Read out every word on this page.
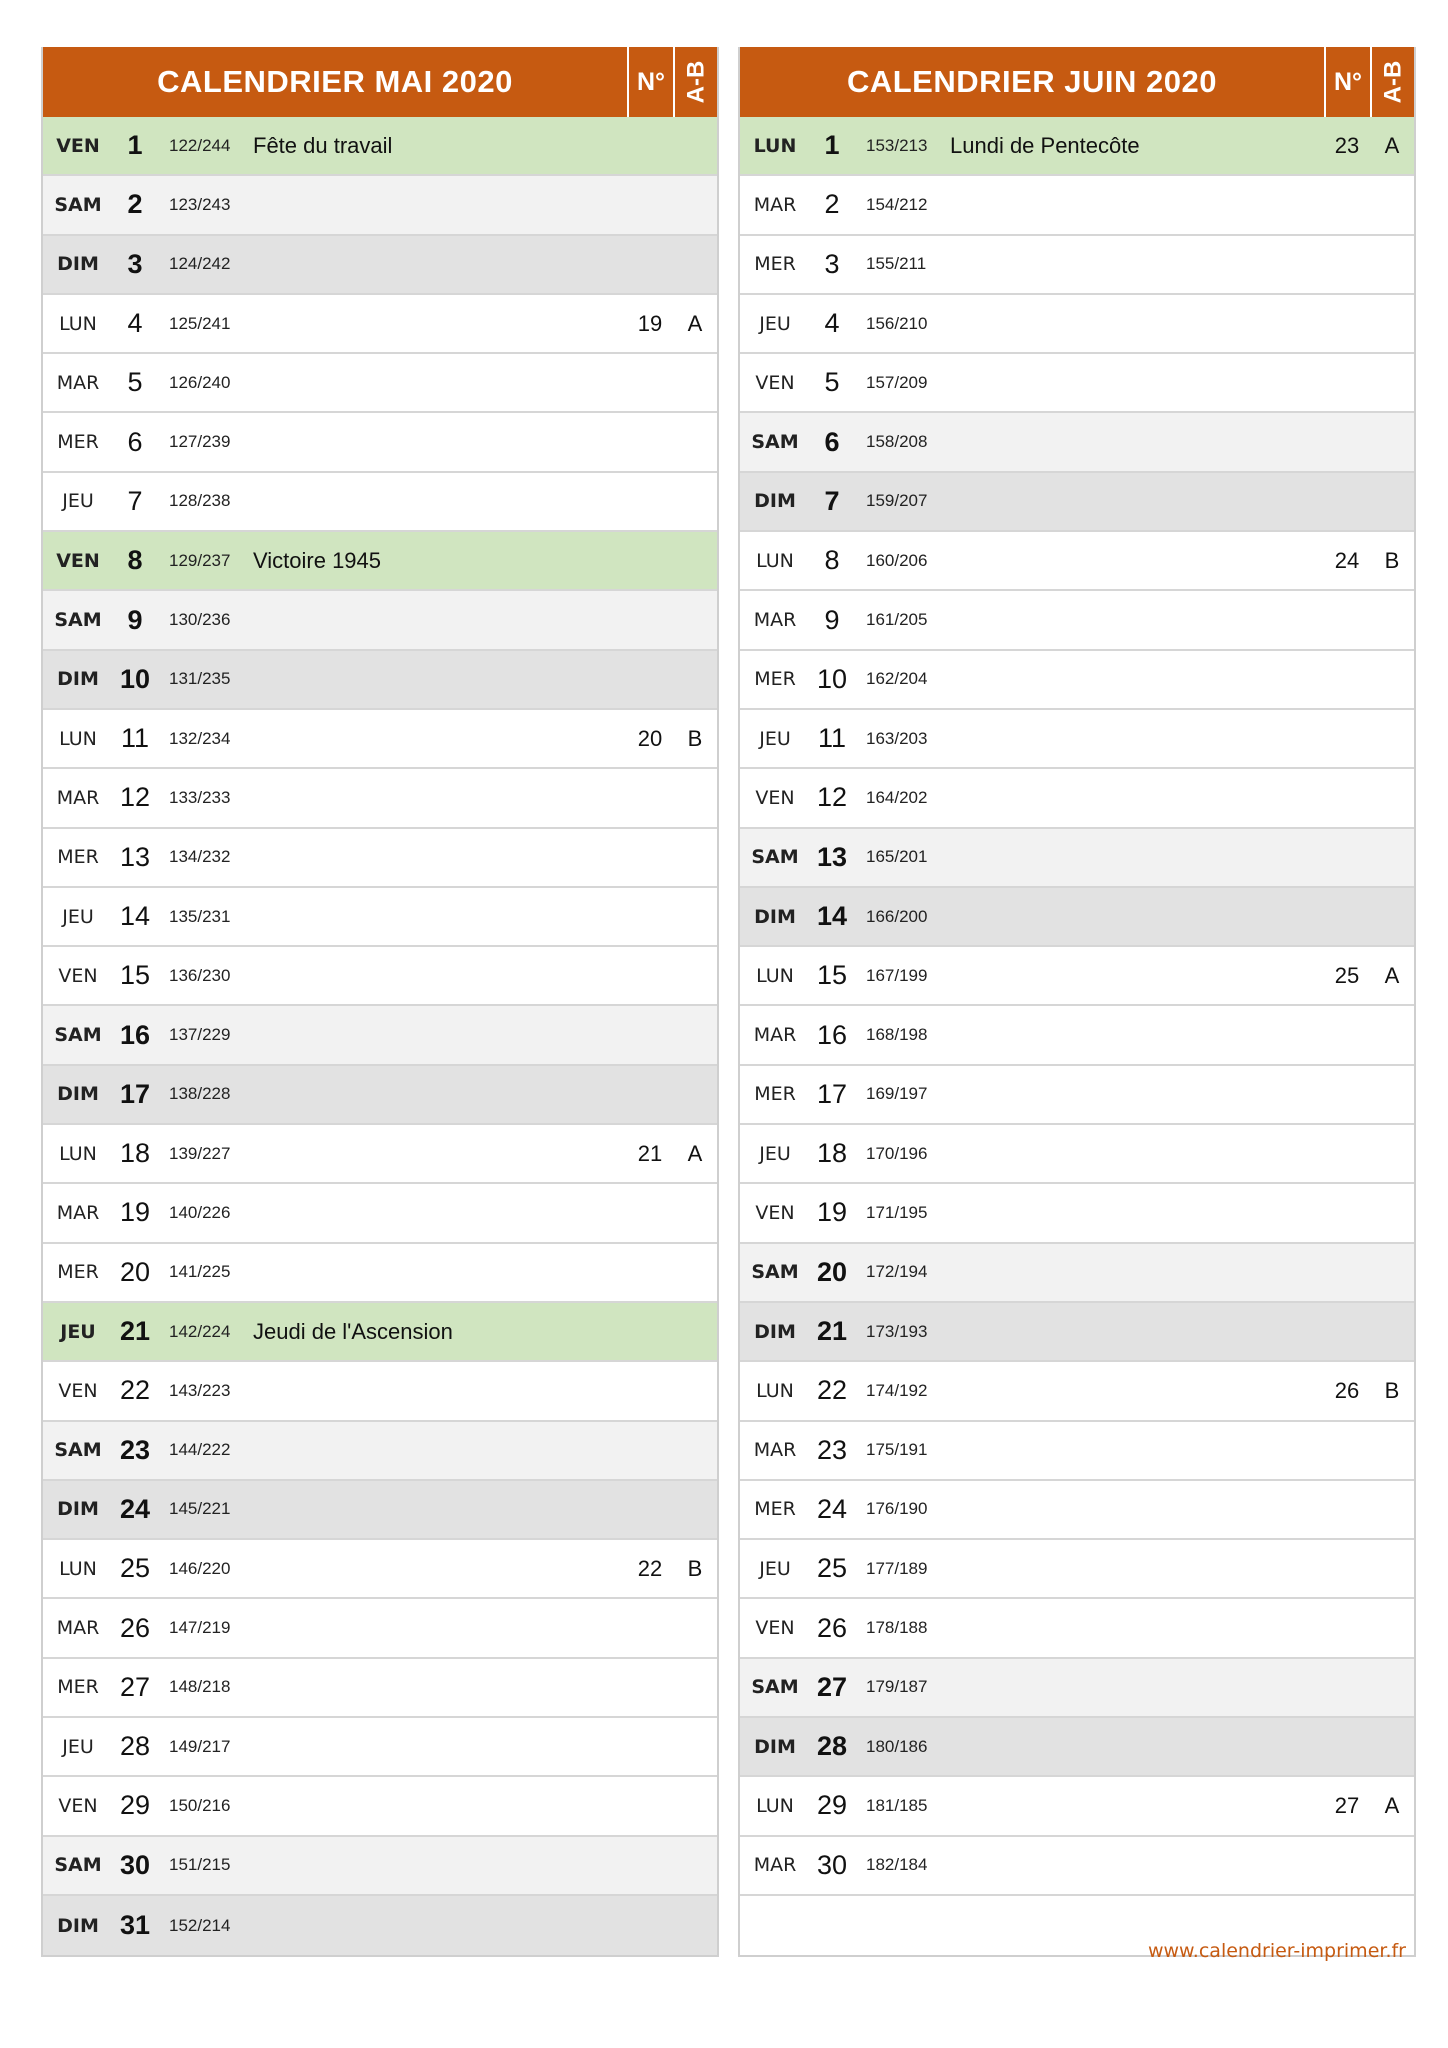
CALENDRIER MAI 2020	N° A-B
VEN	1	122/244	Fête du travail
SAM 2	123/243
DIM	3	124/242
LUN	4	125/241	19	A
MAR	5	126/240
MER	6	127/239
JEU	7	128/238
VEN	8	129/237	Victoire 1945
SAM 9	130/236
DIM 10	131/235
LUN 11	132/234	20	B
MAR 12	133/233
MER 13	134/232
JEU 14	135/231
VEN 15	136/230
SAM 16	137/229
DIM 17	138/228
LUN 18	139/227	21	A
MAR 19	140/226
MER 20	141/225
JEU 21	142/224	Jeudi de l'Ascension
VEN 22	143/223
SAM 23	144/222
DIM 24	145/221
LUN 25	146/220	22	B
MAR 26	147/219
MER 27	148/218
JEU 28	149/217
VEN 29	150/216
SAM 30	151/215
DIM 31	152/214
CALENDRIER JUIN 2020	N° A-B
LUN	1	153/213	Lundi de Pentecôte	23	A
MAR	2	154/212
MER	3	155/211
JEU	4	156/210
VEN	5	157/209
SAM 6	158/208
DIM	7	159/207
LUN	8	160/206	24	B
MAR	9	161/205
MER 10	162/204
JEU	11	163/203
VEN 12	164/202
SAM 13	165/201
DIM 14	166/200
LUN 15	167/199	25	A
MAR 16	168/198
MER 17	169/197
JEU 18	170/196
VEN 19	171/195
SAM 20	172/194
DIM 21	173/193
LUN 22	174/192	26	B
MAR 23	175/191
MER 24	176/190
JEU 25	177/189
VEN 26	178/188
SAM 27	179/187
DIM 28	180/186
LUN 29	181/185	27	A
MAR 30	182/184
www.calendrier-imprimer.fr
